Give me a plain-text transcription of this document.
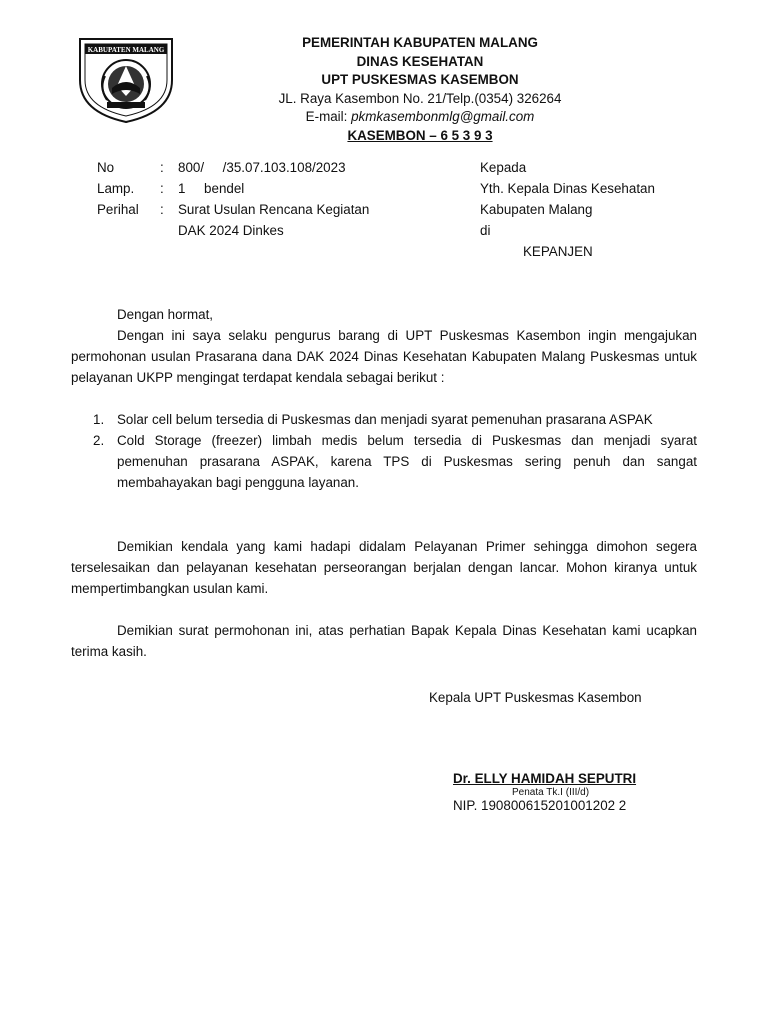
KABUPATEN MALANG	PEMERINTAH KABUPATEN MALANG
DINAS KESEHATAN
UPT PUSKESMAS KASEMBON
JL. Raya Kasembon No. 21/Telp.(0354) 326264
E-mail: pkmkasembonmlg@gmail.com
KASEMBON – 6 5 3 9 3
No	: 800/     /35.07.103.108/2023
Lamp. : 1     bendel
Perihal : Surat Usulan Rencana Kegiatan
DAK 2024 Dinkes
Kepada
Yth. Kepala Dinas Kesehatan
Kabupaten Malang
di
KEPANJEN
Dengan hormat,

Dengan ini saya selaku pengurus barang di UPT Puskesmas Kasembon ingin mengajukan permohonan usulan Prasarana dana DAK 2024 Dinas Kesehatan Kabupaten Malang Puskesmas untuk pelayanan UKPP mengingat terdapat kendala sebagai berikut :

1. Solar cell belum tersedia di Puskesmas dan menjadi syarat pemenuhan prasarana ASPAK
2. Cold Storage (freezer) limbah medis belum tersedia di Puskesmas dan menjadi syarat pemenuhan prasarana ASPAK, karena TPS di Puskesmas sering penuh dan sangat membahayakan bagi pengguna layanan.

Demikian kendala yang kami hadapi didalam Pelayanan Primer sehingga dimohon segera terselesaikan dan pelayanan kesehatan perseorangan berjalan dengan lancar. Mohon kiranya untuk mempertimbangkan usulan kami.

Demikian surat permohonan ini, atas perhatian Bapak Kepala Dinas Kesehatan kami ucapkan terima kasih.

Kepala UPT Puskesmas Kasembon
Dr. ELLY HAMIDAH SEPUTRI
Penata Tk.I (III/d)
NIP. 190800615201001202 2
